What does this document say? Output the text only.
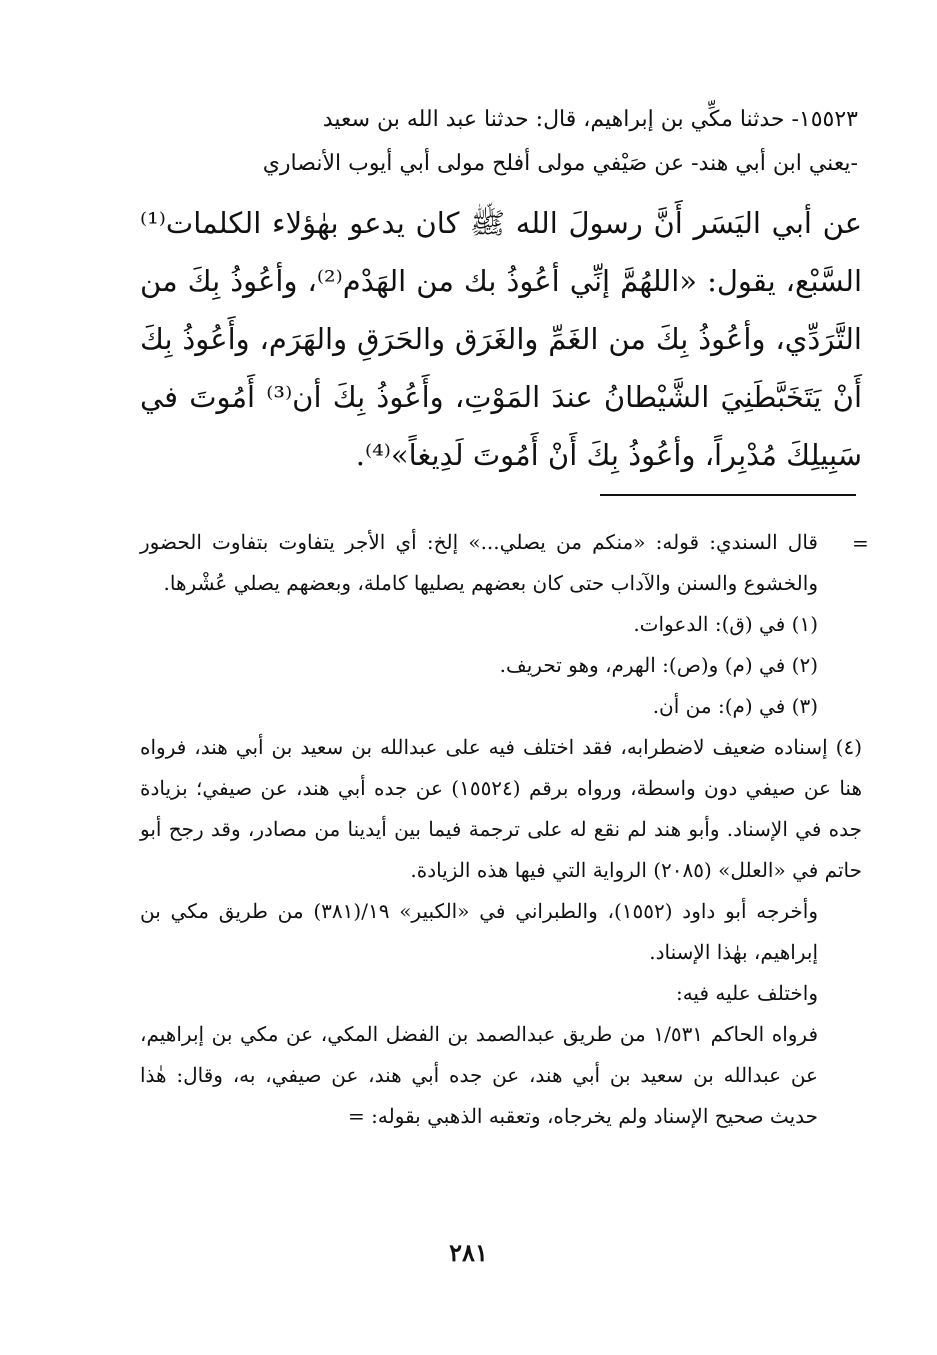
١٥٥٢٣- حدثنا مكِّي بن إبراهيم، قال: حدثنا عبد الله بن سعيد

-يعني ابن أبي هند- عن صَيْفي مولى أفلح مولى أبي أيوب الأنصاري

عن أبي اليَسَر أَنَّ رسولَ الله ﷺ كان يدعو بهٰؤلاء الكلمات⁽¹⁾ السَّبْع، يقول: «اللهُمَّ إنِّي أعُوذُ بك من الهَدْم⁽²⁾، وأعُوذُ بِكَ من التَّرَدِّي، وأعُوذُ بِكَ من الغَمِّ والغَرَق والحَرَقِ والهَرَم، وأَعُوذُ بِكَ أَنْ يَتَخَبَّطَنِيَ الشَّيْطانُ عندَ المَوْتِ، وأَعُوذُ بِكَ أن⁽³⁾ أَمُوتَ في سَبِيلِكَ مُدْبِراً، وأعُوذُ بِكَ أَنْ أَمُوتَ لَدِيغاً»⁽⁴⁾.

=

قال السندي: قوله: «منكم من يصلي...» إلخ: أي الأجر يتفاوت بتفاوت الحضور والخشوع والسنن والآداب حتى كان بعضهم يصليها كاملة، وبعضهم يصلي عُشْرها.

(١) في (ق): الدعوات.

(٢) في (م) و(ص): الهرم، وهو تحريف.

(٣) في (م): من أن.

(٤) إسناده ضعيف لاضطرابه، فقد اختلف فيه على عبدالله بن سعيد بن أبي هند، فرواه هنا عن صيفي دون واسطة، ورواه برقم (١٥٥٢٤) عن جده أبي هند، عن صيفي؛ بزيادة جده في الإسناد. وأبو هند لم نقع له على ترجمة فيما بين أيدينا من مصادر، وقد رجح أبو حاتم في «العلل» (٢٠٨٥) الرواية التي فيها هذه الزيادة.

وأخرجه أبو داود (١٥٥٢)، والطبراني في «الكبير» ١٩/(٣٨١) من طريق مكي بن إبراهيم، بهٰذا الإسناد.

واختلف عليه فيه:

فرواه الحاكم ١/٥٣١ من طريق عبدالصمد بن الفضل المكي، عن مكي بن إبراهيم، عن عبدالله بن سعيد بن أبي هند، عن جده أبي هند، عن صيفي، به، وقال: هٰذا حديث صحيح الإسناد ولم يخرجاه، وتعقبه الذهبي بقوله: =

٢٨١
